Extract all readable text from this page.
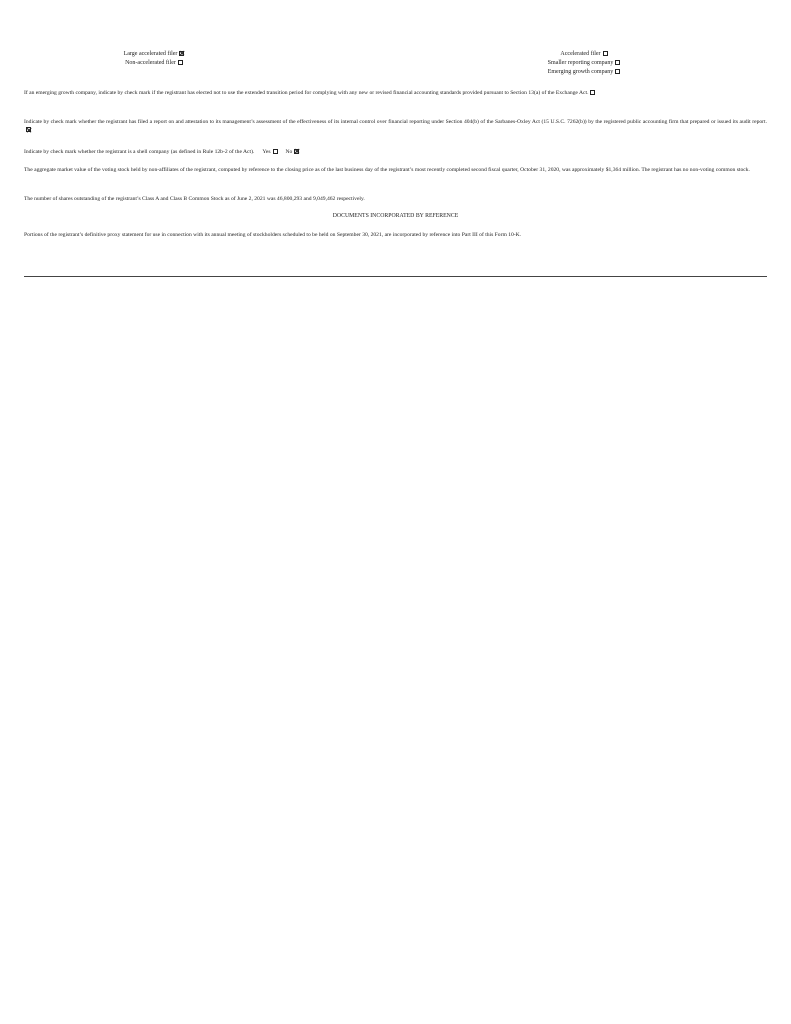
Large accelerated filer
Non-accelerated filer
Accelerated filer
Smaller reporting company
Emerging growth company
If an emerging growth company, indicate by check mark if the registrant has elected not to use the extended transition period for complying with any new or revised financial accounting standards provided pursuant to Section 13(a) of the Exchange Act.
Indicate by check mark whether the registrant has filed a report on and attestation to its management’s assessment of the effectiveness of its internal control over financial reporting under Section 404(b) of the Sarbanes-Oxley Act (15 U.S.C. 7262(b)) by the registered public accounting firm that prepared or issued its audit report.
Indicate by check mark whether the registrant is a shell company (as defined in Rule 12b-2 of the Act). Yes	No
The aggregate market value of the voting stock held by non-affiliates of the registrant, computed by reference to the closing price as of the last business day of the registrant’s most recently completed second fiscal quarter, October 31, 2020, was approximately $1,364 million. The registrant has no non-voting common stock.
The number of shares outstanding of the registrant’s Class A and Class B Common Stock as of June 2, 2021 was 46,800,293 and 9,049,462 respectively.
DOCUMENTS INCORPORATED BY REFERENCE
Portions of the registrant’s definitive proxy statement for use in connection with its annual meeting of stockholders scheduled to be held on September 30, 2021, are incorporated by reference into Part III of this Form 10-K.
